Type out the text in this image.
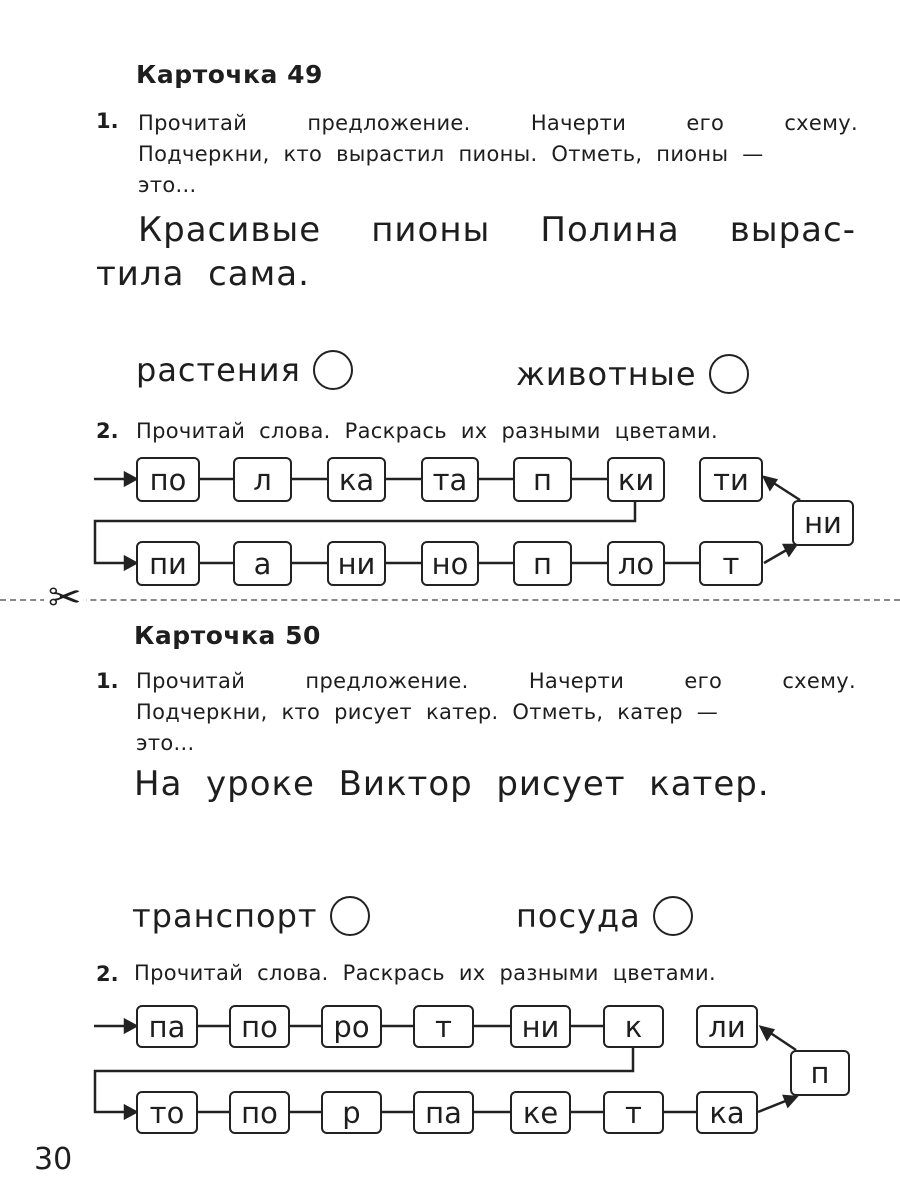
Карточка 49
1. Прочитай	предложение.	Начерти	его	схему.
Подчеркни,  кто  вырастил  пионы.  Отметь,  пионы  —
это...
Красивые пионы Полина вырас-
тила  сама.
растения	животные
2. Прочитай  слова.  Раскрась  их  разными  цветами.
по	л	ка	та	п	ки	ти
ни
пи	а	ни	но	п	ло	т
✂
Карточка 50
1. Прочитай	предложение.	Начерти	его	схему.
Подчеркни,  кто  рисует  катер.  Отметь,  катер  —
это...
На  уроке  Виктор  рисует  катер.
транспорт	посуда
2. Прочитай  слова.  Раскрась  их  разными  цветами.
па	по	ро	т	ни	к	ли
п
то	по	р	па	ке	т	ка
30
